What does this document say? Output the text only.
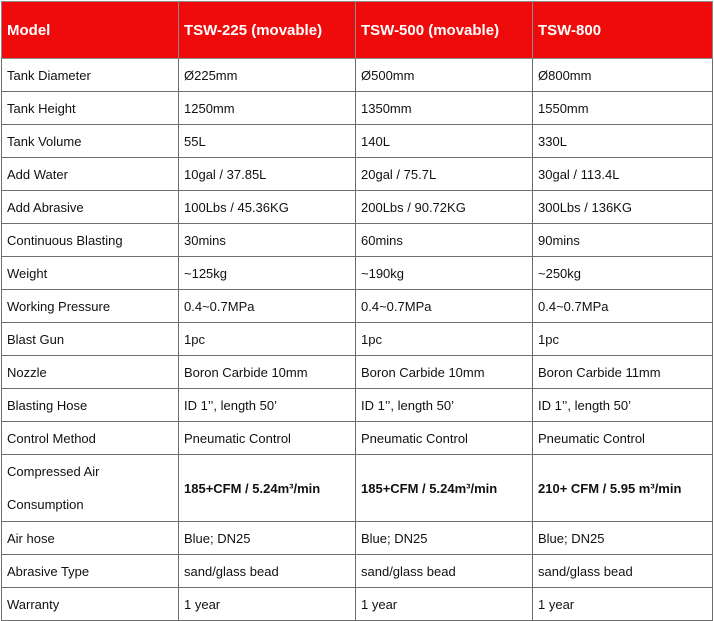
Model	TSW-225 (movable)	TSW-500 (movable)	TSW-800
Tank Diameter	Ø225mm	Ø500mm	Ø800mm
Tank Height	1250mm	1350mm	1550mm
Tank Volume	55L	140L	330L
Add Water	10gal / 37.85L	20gal / 75.7L	30gal / 113.4L
Add Abrasive	100Lbs / 45.36KG	200Lbs / 90.72KG	300Lbs / 136KG
Continuous Blasting	30mins	60mins	90mins
Weight	~125kg	~190kg	~250kg
Working Pressure	0.4~0.7MPa	0.4~0.7MPa	0.4~0.7MPa
Blast Gun	1pc	1pc	1pc
Nozzle	Boron Carbide 10mm	Boron Carbide 10mm	Boron Carbide 11mm
Blasting Hose	ID 1’’, length 50’	ID 1’’, length 50’	ID 1’’, length 50’
Control Method	Pneumatic Control	Pneumatic Control	Pneumatic Control
Compressed Air Consumption	185+CFM / 5.24m³/min	185+CFM / 5.24m³/min	210+ CFM / 5.95 m³/min
Air hose	Blue; DN25	Blue; DN25	Blue; DN25
Abrasive Type	sand/glass bead	sand/glass bead	sand/glass bead
Warranty	1 year	1 year	1 year
